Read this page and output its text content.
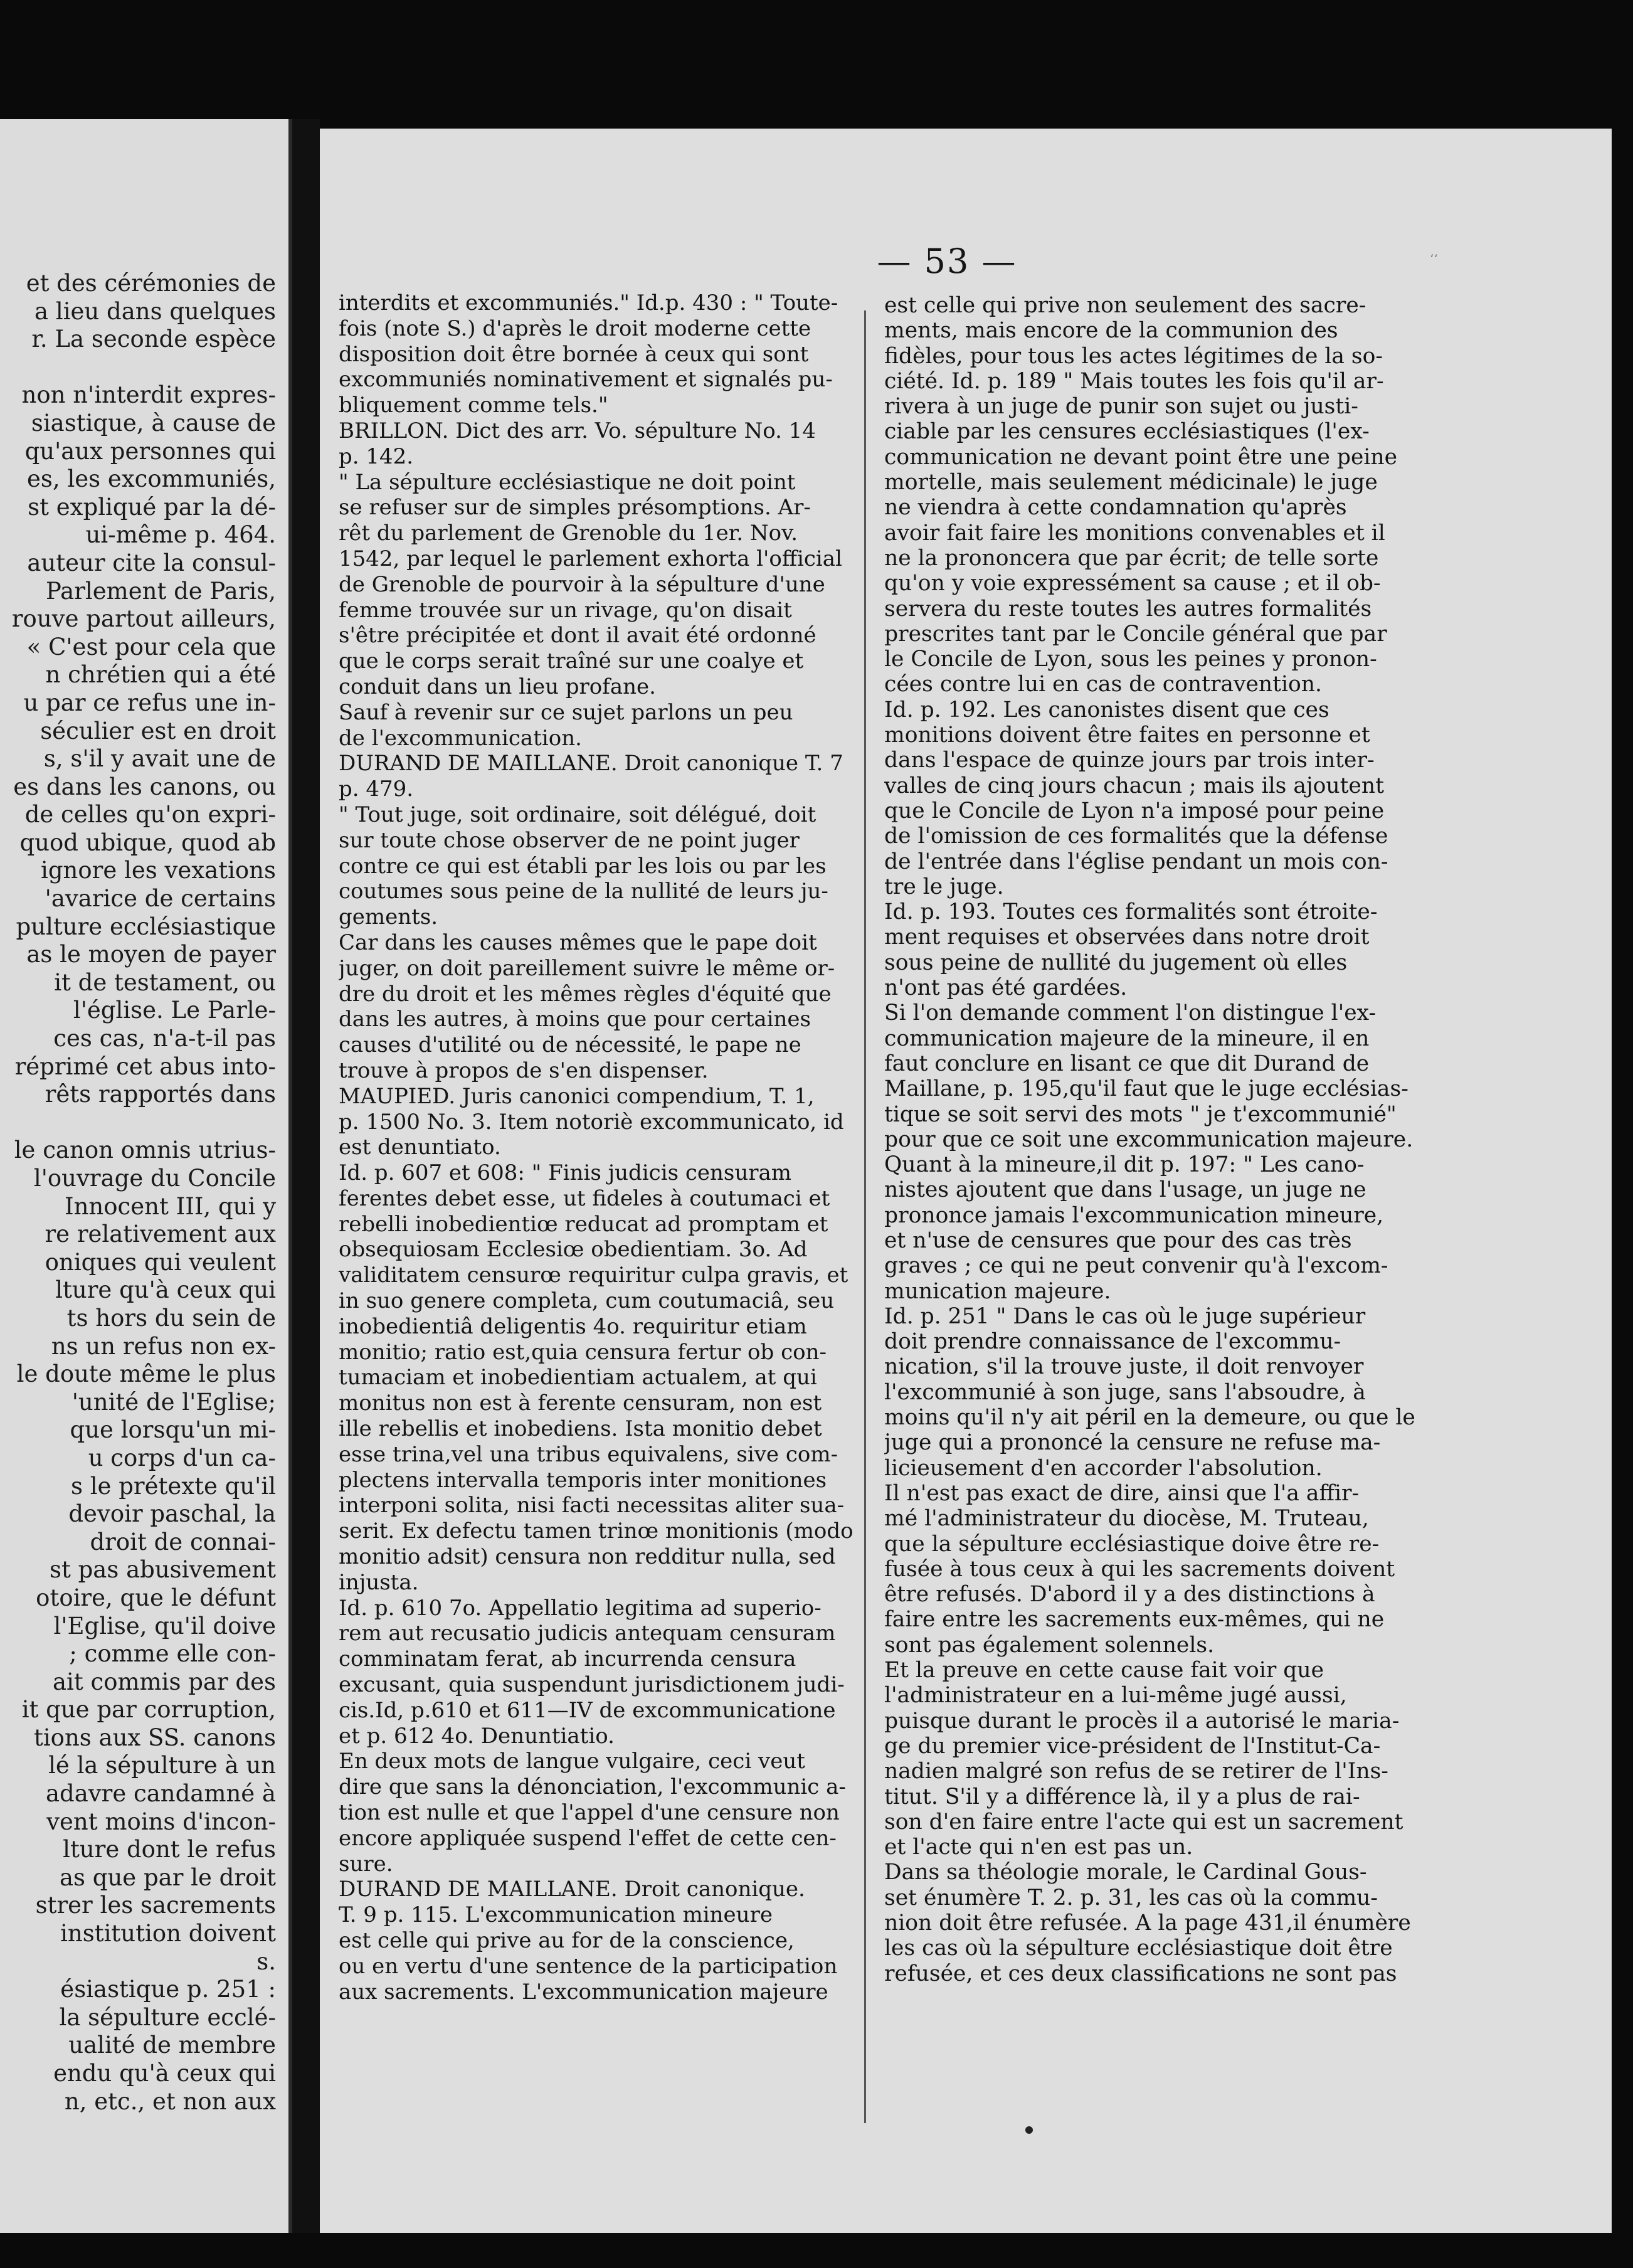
et des cérémonies de
a lieu dans quelques
r. La seconde espèce

non n'interdit expres-
siastique, à cause de
qu'aux personnes qui
es, les excommuniés,
st expliqué par la dé-
ui-même p. 464.
auteur cite la consul-
Parlement de Paris,
rouve partout ailleurs,
« C'est pour cela que
n chrétien qui a été
u par ce refus une in-
séculier est en droit
s, s'il y avait une de
es dans les canons, ou
de celles qu'on expri-
quod ubique, quod ab
ignore les vexations
'avarice de certains
pulture ecclésiastique
as le moyen de payer
it de testament, ou
l'église. Le Parle-
ces cas, n'a-t-il pas
réprimé cet abus into-
rêts rapportés dans

le canon omnis utrius-
l'ouvrage du Concile
Innocent III, qui y
re relativement aux
oniques qui veulent
lture qu'à ceux qui
ts hors du sein de
ns un refus non ex-
le doute même le plus
'unité de l'Eglise;
que lorsqu'un mi-
u corps d'un ca-
s le prétexte qu'il
devoir paschal, la
droit de connai-
st pas abusivement
otoire, que le défunt
l'Eglise, qu'il doive
; comme elle con-
ait commis par des
it que par corruption,
tions aux SS. canons
lé la sépulture à un
adavre candamné à
vent moins d'incon-
lture dont le refus
as que par le droit
strer les sacrements
institution doivent
s.
ésiastique p. 251 :
la sépulture ecclé-
ualité de membre
endu qu'à ceux qui
n, etc., et non aux
— 53 —	ʻʻ
interdits et excommuniés." Id.p. 430 : " Toute-
fois (note S.) d'après le droit moderne cette
disposition doit être bornée à ceux qui sont
excommuniés nominativement et signalés pu-
bliquement comme tels."
BRILLON. Dict des arr. Vo. sépulture No. 14
p. 142.
" La sépulture ecclésiastique ne doit point
se refuser sur de simples présomptions. Ar-
rêt du parlement de Grenoble du 1er. Nov.
1542, par lequel le parlement exhorta l'official
de Grenoble de pourvoir à la sépulture d'une
femme trouvée sur un rivage, qu'on disait
s'être précipitée et dont il avait été ordonné
que le corps serait traîné sur une coalye et
conduit dans un lieu profane.
Sauf à revenir sur ce sujet parlons un peu
de l'excommunication.
DURAND DE MAILLANE. Droit canonique T. 7
p. 479.
" Tout juge, soit ordinaire, soit délégué, doit
sur toute chose observer de ne point juger
contre ce qui est établi par les lois ou par les
coutumes sous peine de la nullité de leurs ju-
gements.
Car dans les causes mêmes que le pape doit
juger, on doit pareillement suivre le même or-
dre du droit et les mêmes règles d'équité que
dans les autres, à moins que pour certaines
causes d'utilité ou de nécessité, le pape ne
trouve à propos de s'en dispenser.
MAUPIED. Juris canonici compendium, T. 1,
p. 1500 No. 3. Item notoriè excommunicato, id
est denuntiato.
Id. p. 607 et 608: " Finis judicis censuram
ferentes debet esse, ut fideles à coutumaci et
rebelli inobedientiœ reducat ad promptam et
obsequiosam Ecclesiœ obedientiam. 3o. Ad
validitatem censurœ requiritur culpa gravis, et
in suo genere completa, cum coutumaciâ, seu
inobedientiâ deligentis 4o. requiritur etiam
monitio; ratio est,quia censura fertur ob con-
tumaciam et inobedientiam actualem, at qui
monitus non est à ferente censuram, non est
ille rebellis et inobediens. Ista monitio debet
esse trina,vel una tribus equivalens, sive com-
plectens intervalla temporis inter monitiones
interponi solita, nisi facti necessitas aliter sua-
serit. Ex defectu tamen trinœ monitionis (modo
monitio adsit) censura non redditur nulla, sed
injusta.
Id. p. 610 7o. Appellatio legitima ad superio-
rem aut recusatio judicis antequam censuram
comminatam ferat, ab incurrenda censura
excusant, quia suspendunt jurisdictionem judi-
cis.Id, p.610 et 611—IV de excommunicatione
et p. 612 4o. Denuntiatio.
En deux mots de langue vulgaire, ceci veut
dire que sans la dénonciation, l'excommunic a-
tion est nulle et que l'appel d'une censure non
encore appliquée suspend l'effet de cette cen-
sure.
DURAND DE MAILLANE. Droit canonique.
T. 9 p. 115. L'excommunication mineure
est celle qui prive au for de la conscience,
ou en vertu d'une sentence de la participation
aux sacrements. L'excommunication majeure
est celle qui prive non seulement des sacre-
ments, mais encore de la communion des
fidèles, pour tous les actes légitimes de la so-
ciété. Id. p. 189 " Mais toutes les fois qu'il ar-
rivera à un juge de punir son sujet ou justi-
ciable par les censures ecclésiastiques (l'ex-
communication ne devant point être une peine
mortelle, mais seulement médicinale) le juge
ne viendra à cette condamnation qu'après
avoir fait faire les monitions convenables et il
ne la prononcera que par écrit; de telle sorte
qu'on y voie expressément sa cause ; et il ob-
servera du reste toutes les autres formalités
prescrites tant par le Concile général que par
le Concile de Lyon, sous les peines y pronon-
cées contre lui en cas de contravention.
Id. p. 192. Les canonistes disent que ces
monitions doivent être faites en personne et
dans l'espace de quinze jours par trois inter-
valles de cinq jours chacun ; mais ils ajoutent
que le Concile de Lyon n'a imposé pour peine
de l'omission de ces formalités que la défense
de l'entrée dans l'église pendant un mois con-
tre le juge.
Id. p. 193. Toutes ces formalités sont étroite-
ment requises et observées dans notre droit
sous peine de nullité du jugement où elles
n'ont pas été gardées.
Si l'on demande comment l'on distingue l'ex-
communication majeure de la mineure, il en
faut conclure en lisant ce que dit Durand de
Maillane, p. 195,qu'il faut que le juge ecclésias-
tique se soit servi des mots " je t'excommunié"
pour que ce soit une excommunication majeure.
Quant à la mineure,il dit p. 197: " Les cano-
nistes ajoutent que dans l'usage, un juge ne
prononce jamais l'excommunication mineure,
et n'use de censures que pour des cas très
graves ; ce qui ne peut convenir qu'à l'excom-
munication majeure.
Id. p. 251 " Dans le cas où le juge supérieur
doit prendre connaissance de l'excommu-
nication, s'il la trouve juste, il doit renvoyer
l'excommunié à son juge, sans l'absoudre, à
moins qu'il n'y ait péril en la demeure, ou que le
juge qui a prononcé la censure ne refuse ma-
licieusement d'en accorder l'absolution.
Il n'est pas exact de dire, ainsi que l'a affir-
mé l'administrateur du diocèse, M. Truteau,
que la sépulture ecclésiastique doive être re-
fusée à tous ceux à qui les sacrements doivent
être refusés. D'abord il y a des distinctions à
faire entre les sacrements eux-mêmes, qui ne
sont pas également solennels.
Et la preuve en cette cause fait voir que
l'administrateur en a lui-même jugé aussi,
puisque durant le procès il a autorisé le maria-
ge du premier vice-président de l'Institut-Ca-
nadien malgré son refus de se retirer de l'Ins-
titut. S'il y a différence là, il y a plus de rai-
son d'en faire entre l'acte qui est un sacrement
et l'acte qui n'en est pas un.
Dans sa théologie morale, le Cardinal Gous-
set énumère T. 2. p. 31, les cas où la commu-
nion doit être refusée. A la page 431,il énumère
les cas où la sépulture ecclésiastique doit être
refusée, et ces deux classifications ne sont pas
